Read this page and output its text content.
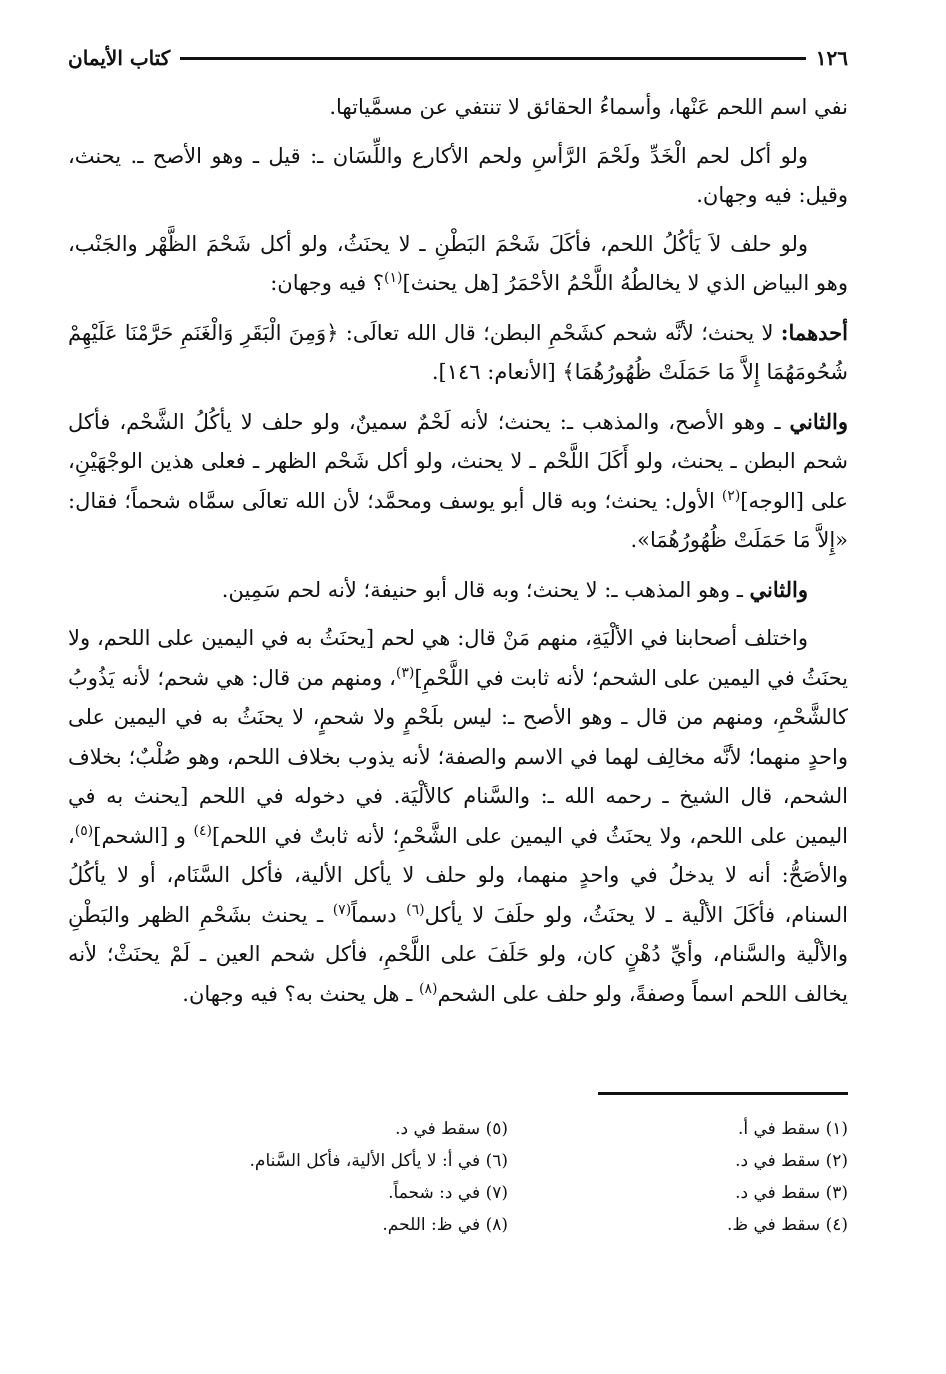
١٢٦
كتاب الأيمان

نفي اسم اللحم عَنْها، وأسماءُ الحقائق لا تنتفي عن مسمَّياتها.

ولو أكل لحم الْخَدِّ ولَحْمَ الرَّأسِ ولحم الأكارع واللِّسَان ـ: قيل ـ وهو الأصح ـ. يحنث، وقيل: فيه وجهان.

ولو حلف لاَ يَأكُلُ اللحم، فأكَلَ شَحْمَ البَطْنِ ـ لا يحنَثُ، ولو أكل شَحْمَ الظَّهْر والجَنْب، وهو البياض الذي لا يخالطُهُ اللَّحْمُ الأحْمَرُ [هل يحنث]$^{(١)}$؟ فيه وجهان:

أحدهما: لا يحنث؛ لأنَّه شحم كشَحْمِ البطن؛ قال الله تعالَى: ﴿وَمِنَ الْبَقَرِ وَالْغَنَمِ حَرَّمْنَا عَلَيْهِمْ شُحُومَهُمَا إِلاَّ مَا حَمَلَتْ ظُهُورُهُمَا﴾ [الأنعام: ١٤٦].

والثاني ـ وهو الأصح، والمذهب ـ: يحنث؛ لأنه لَحْمٌ سمينٌ، ولو حلف لا يأكُلُ الشَّحْم، فأكل شحم البطن ـ يحنث، ولو أَكَلَ اللَّحْم ـ لا يحنث، ولو أكل شَحْم الظهر ـ فعلى هذين الوجْهَيْنِ، على [الوجه]$^{(٢)}$ الأول: يحنث؛ وبه قال أبو يوسف ومحمَّد؛ لأن الله تعالَى سمَّاه شحماً؛ فقال: «إِلاَّ مَا حَمَلَتْ ظُهُورُهُمَا».

والثاني ـ وهو المذهب ـ: لا يحنث؛ وبه قال أبو حنيفة؛ لأنه لحم سَمِين.

واختلف أصحابنا في الألْيَةِ، منهم مَنْ قال: هي لحم [يحنَثُ به في اليمين على اللحم، ولا يحنَثُ في اليمين على الشحم؛ لأنه ثابت في اللَّحْمِ]$^{(٣)}$، ومنهم من قال: هي شحم؛ لأنه يَذُوبُ كالشَّحْمِ، ومنهم من قال ـ وهو الأصح ـ: ليس بلَحْمٍ ولا شحمٍ، لا يحنَثُ به في اليمين على واحدٍ منهما؛ لأنَّه مخالِف لهما في الاسم والصفة؛ لأنه يذوب بخلاف اللحم، وهو صُلْبٌ؛ بخلاف الشحم، قال الشيخ ـ رحمه الله ـ: والسَّنام كالألْيَة. في دخوله في اللحم [يحنث به في اليمين على اللحم، ولا يحنَثُ في اليمين على الشَّحْمِ؛ لأنه ثابتٌ في اللحم]$^{(٤)}$ و [الشحم]$^{(٥)}$، والأصَحُّ: أنه لا يدخلُ في واحدٍ منهما، ولو حلف لا يأكل الألية، فأكل السَّنَام، أو لا يأكُلُ السنام، فأكَلَ الألْية ـ لا يحنَثُ، ولو حلَفَ لا يأكل$^{(٦)}$ دسماً$^{(٧)}$ ـ يحنث بشَحْمِ الظهر والبَطْنِ والألْية والسَّنام، وأيِّ دُهْنٍ كان، ولو حَلَفَ على اللَّحْمِ، فأكل شحم العين ـ لَمْ يحنَثْ؛ لأنه يخالف اللحم اسماً وصفةً، ولو حلف على الشحم$^{(٨)}$ ـ هل يحنث به؟ فيه وجهان.

(١) سقط في أ.
(٢) سقط في د.
(٣) سقط في د.
(٤) سقط في ظ.
(٥) سقط في د.
(٦) في أ: لا يأكل الألية، فأكل السَّنام.
(٧) في د: شحماً.
(٨) في ظ: اللحم.
